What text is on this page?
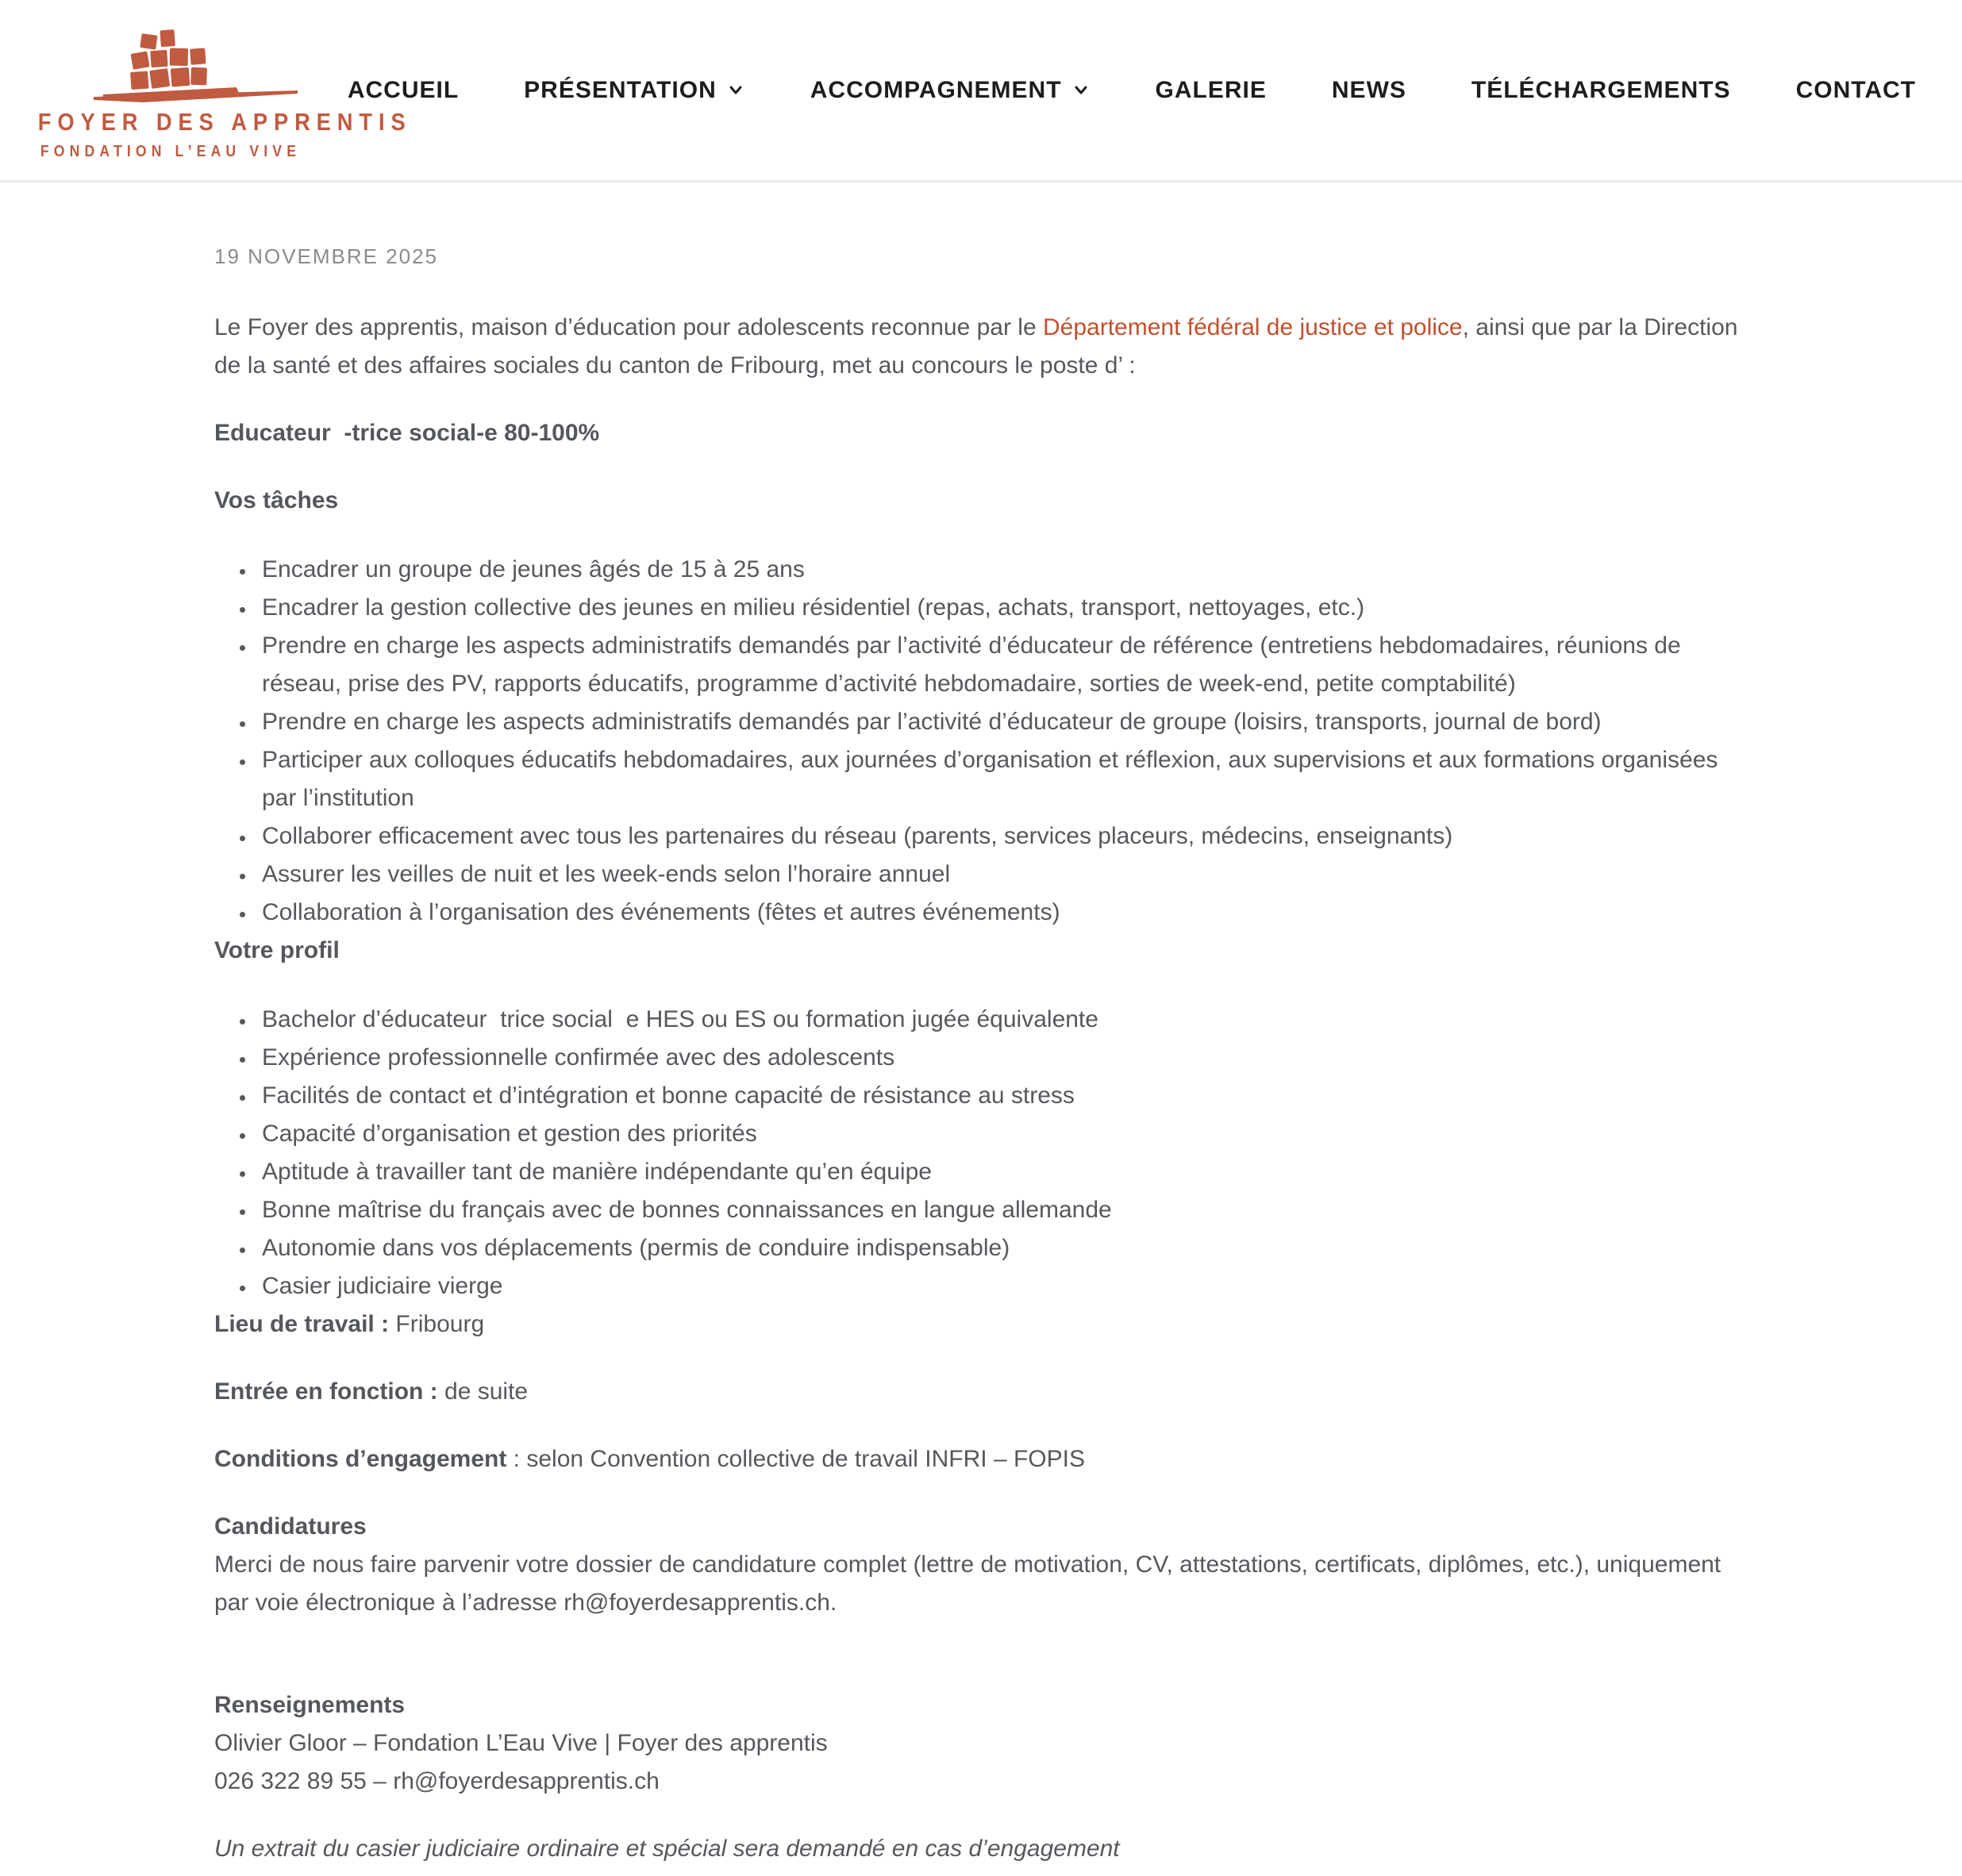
FOYER DES APPRENTIS
FONDATION L’EAU VIVE
ACCUEIL	PRÉSENTATION	ACCOMPAGNEMENT	GALERIE	NEWS	TÉLÉCHARGEMENTS	CONTACT

19 NOVEMBRE 2025

Le Foyer des apprentis, maison d’éducation pour adolescents reconnue par le Département fédéral de justice et police, ainsi que par la Direction de la santé et des affaires sociales du canton de Fribourg, met au concours le poste d’ :

Educateur  -trice social-e 80-100%

Vos tâches

• Encadrer un groupe de jeunes âgés de 15 à 25 ans
• Encadrer la gestion collective des jeunes en milieu résidentiel (repas, achats, transport, nettoyages, etc.)
• Prendre en charge les aspects administratifs demandés par l’activité d’éducateur de référence (entretiens hebdomadaires, réunions de réseau, prise des PV, rapports éducatifs, programme d’activité hebdomadaire, sorties de week-end, petite comptabilité)
• Prendre en charge les aspects administratifs demandés par l’activité d’éducateur de groupe (loisirs, transports, journal de bord)
• Participer aux colloques éducatifs hebdomadaires, aux journées d’organisation et réflexion, aux supervisions et aux formations organisées par l’institution
• Collaborer efficacement avec tous les partenaires du réseau (parents, services placeurs, médecins, enseignants)
• Assurer les veilles de nuit et les week-ends selon l’horaire annuel
• Collaboration à l’organisation des événements (fêtes et autres événements)

Votre profil

• Bachelor d’éducateur  trice social  e HES ou ES ou formation jugée équivalente
• Expérience professionnelle confirmée avec des adolescents
• Facilités de contact et d’intégration et bonne capacité de résistance au stress
• Capacité d’organisation et gestion des priorités
• Aptitude à travailler tant de manière indépendante qu’en équipe
• Bonne maîtrise du français avec de bonnes connaissances en langue allemande
• Autonomie dans vos déplacements (permis de conduire indispensable)
• Casier judiciaire vierge

Lieu de travail : Fribourg

Entrée en fonction : de suite

Conditions d’engagement : selon Convention collective de travail INFRI – FOPIS

Candidatures
Merci de nous faire parvenir votre dossier de candidature complet (lettre de motivation, CV, attestations, certificats, diplômes, etc.), uniquement par voie électronique à l’adresse rh@foyerdesapprentis.ch.

Renseignements
Olivier Gloor – Fondation L’Eau Vive | Foyer des apprentis
026 322 89 55 – rh@foyerdesapprentis.ch

Un extrait du casier judiciaire ordinaire et spécial sera demandé en cas d’engagement
